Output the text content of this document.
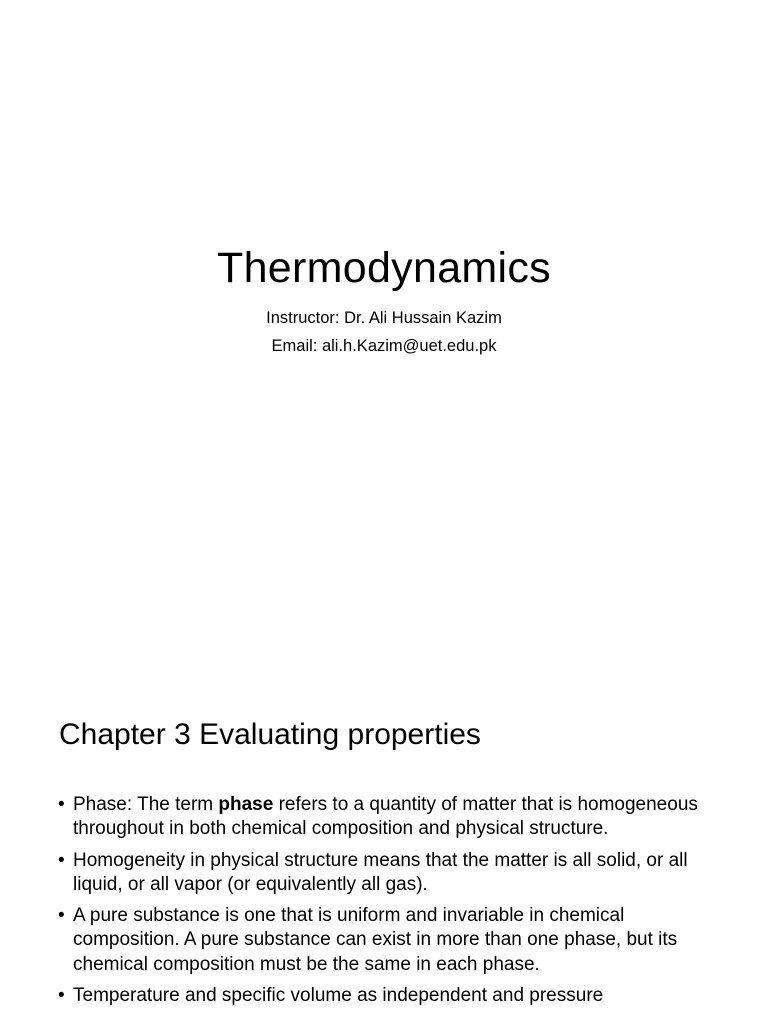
Thermodynamics

Instructor: Dr. Ali Hussain Kazim

Email: ali.h.Kazim@uet.edu.pk

Chapter 3 Evaluating properties
• Phase: The term phase refers to a quantity of matter that is homogeneous throughout in both chemical composition and physical structure.
• Homogeneity in physical structure means that the matter is all solid, or all liquid, or all vapor (or equivalently all gas).
• A pure substance is one that is uniform and invariable in chemical composition. A pure substance can exist in more than one phase, but its chemical composition must be the same in each phase.
• Temperature and specific volume as independent and pressure
